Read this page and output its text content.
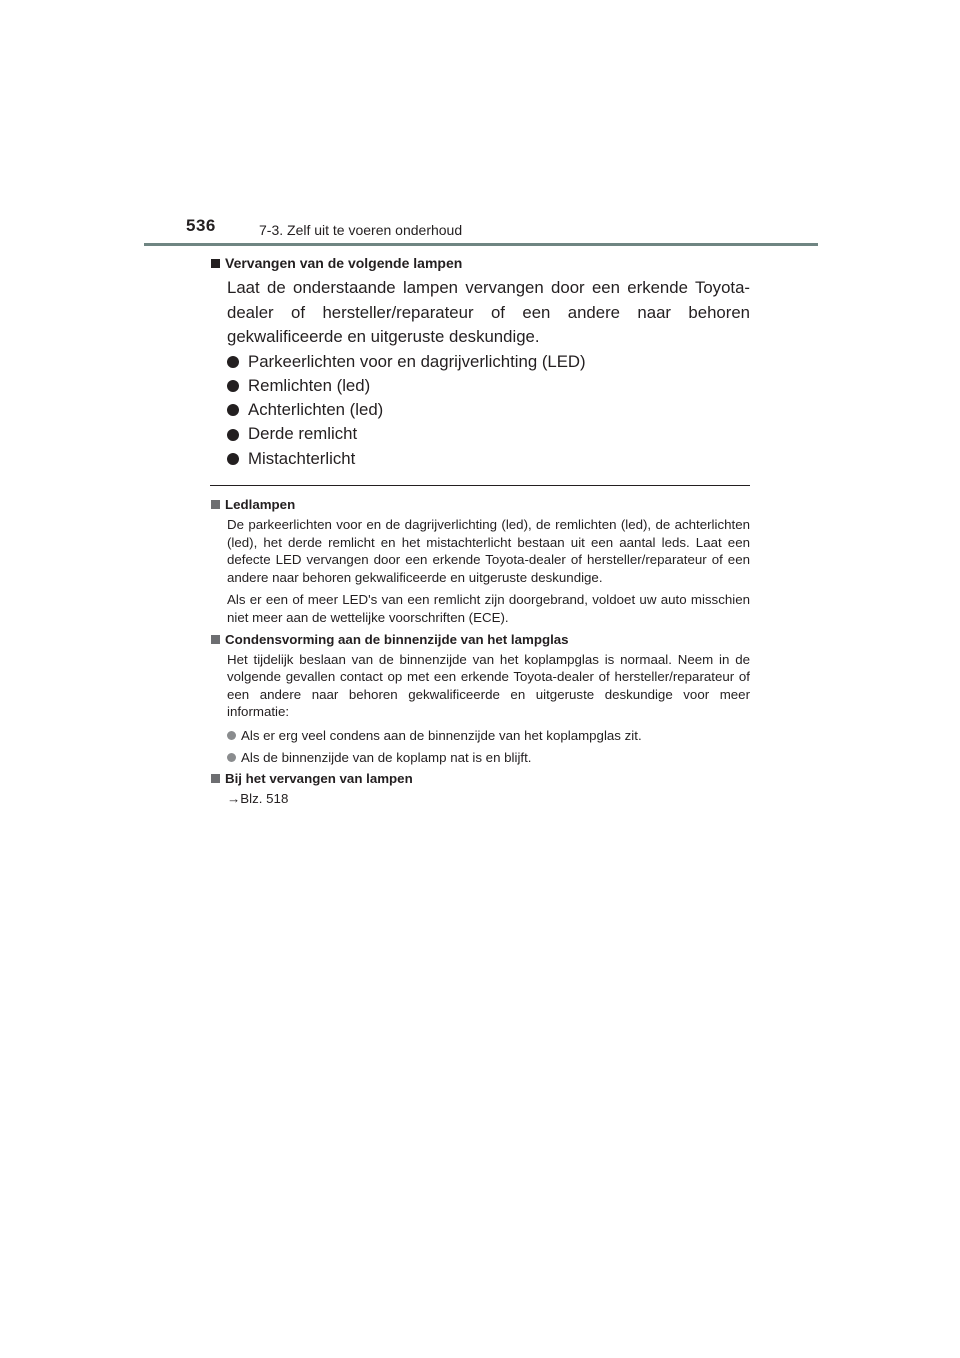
536	7-3. Zelf uit te voeren onderhoud
Vervangen van de volgende lampen

Laat de onderstaande lampen vervangen door een erkende Toyota-dealer of hersteller/reparateur of een andere naar behoren gekwalificeerde en uitgeruste deskundige.

Parkeerlichten voor en dagrijverlichting (LED)
Remlichten (led)
Achterlichten (led)
Derde remlicht
Mistachterlicht
Ledlampen

De parkeerlichten voor en de dagrijverlichting (led), de remlichten (led), de achterlichten (led), het derde remlicht en het mistachterlicht bestaan uit een aantal leds. Laat een defecte LED vervangen door een erkende Toyota-dealer of hersteller/reparateur of een andere naar behoren gekwalificeerde en uitgeruste deskundige.

Als er een of meer LED's van een remlicht zijn doorgebrand, voldoet uw auto misschien niet meer aan de wettelijke voorschriften (ECE).

Condensvorming aan de binnenzijde van het lampglas

Het tijdelijk beslaan van de binnenzijde van het koplampglas is normaal. Neem in de volgende gevallen contact op met een erkende Toyota-dealer of hersteller/reparateur of een andere naar behoren gekwalificeerde en uitgeruste deskundige voor meer informatie:

Als er erg veel condens aan de binnenzijde van het koplampglas zit.
Als de binnenzijde van de koplamp nat is en blijft.
Bij het vervangen van lampen

→Blz. 518
